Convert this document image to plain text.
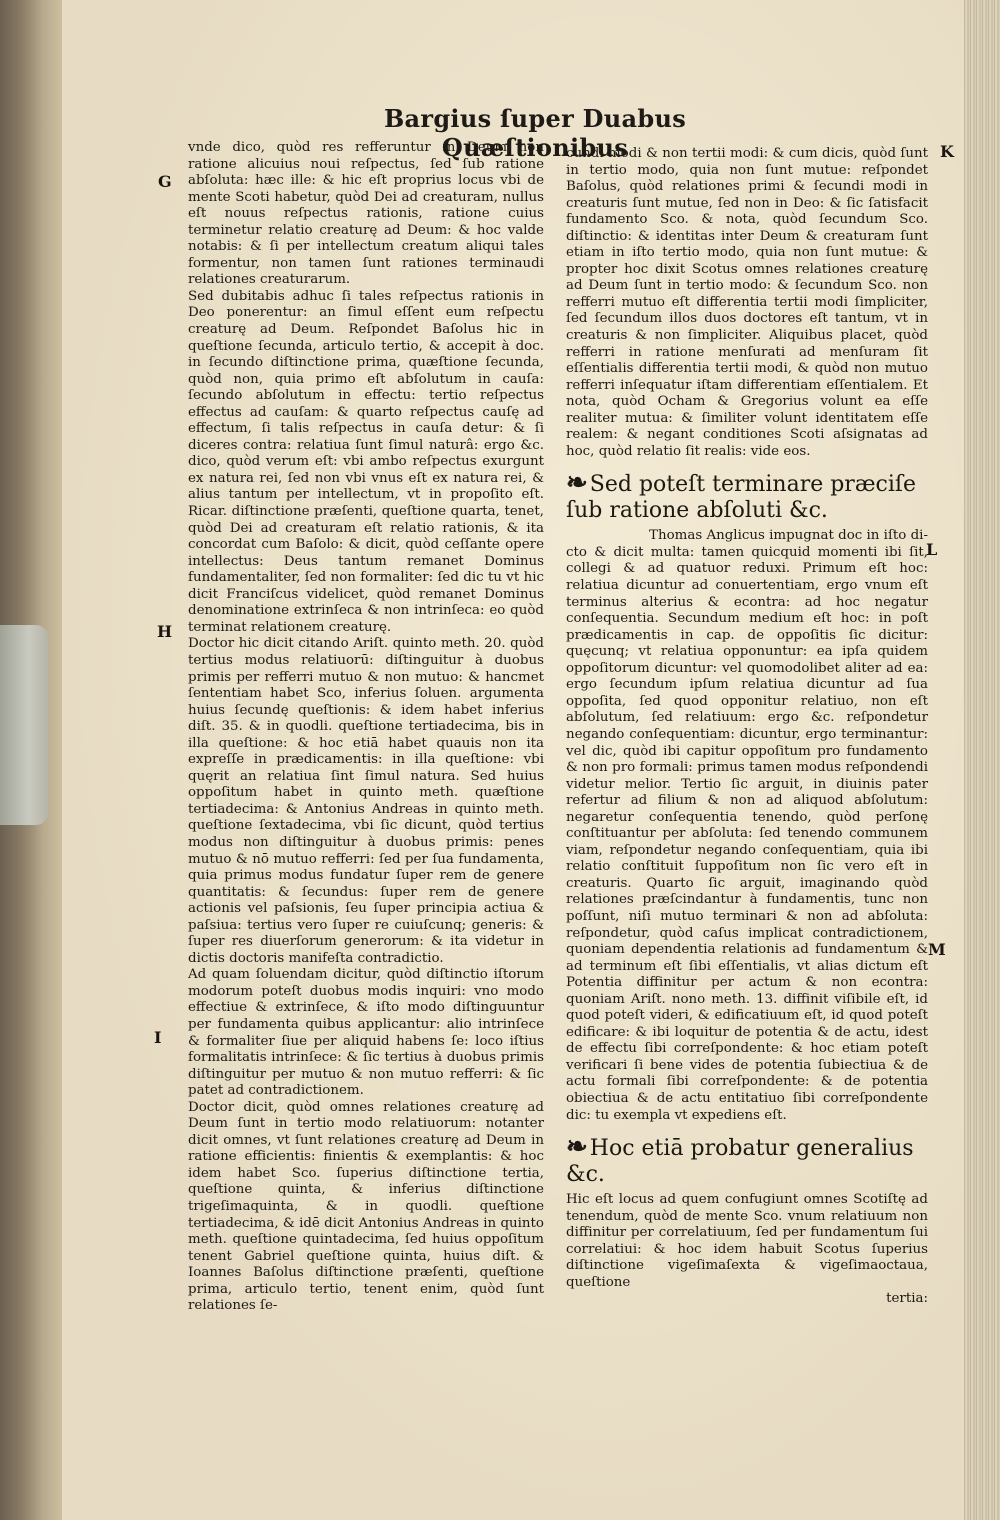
Bargius ſuper Duabus Quæſtionibus
G
H
I
K
L
M

vnde dico, quòd res refferuntur in Deum non ratione alicuius noui reſpectus, ſed ſub ratione abſoluta: hæc ille: & hic eſt proprius locus vbi de mente Scoti habetur, quòd Dei ad creaturam, nullus eſt nouus reſpectus rationis, ratione cuius terminetur relatio creaturę ad Deum: & hoc valde notabis: & ſi per intellectum creatum aliqui tales formentur, non tamen ſunt rationes terminaudi relationes creaturarum.

Sed dubitabis adhuc ſi tales reſpectus rationis in Deo ponerentur: an ſimul eſſent eum reſpectu creaturę ad Deum. Reſpondet Baſolus hic in queſtione ſecunda, articulo tertio, & accepit à doc. in ſecundo diſtinctione prima, quæſtione ſecunda, quòd non, quia primo eſt abſolutum in cauſa: ſecundo abſolutum in effectu: tertio reſpectus effectus ad cauſam: & quarto reſpectus cauſę ad effectum, ſi talis reſpectus in cauſa detur: & ſi diceres contra: relatiua ſunt ſimul naturâ: ergo &c. dico, quòd verum eſt: vbi ambo reſpectus exurgunt ex natura rei, ſed non vbi vnus eſt ex natura rei, & alius tantum per intellectum, vt in propoſito eſt. Ricar. diſtinctione præſenti, queſtione quarta, tenet, quòd Dei ad creaturam eſt relatio rationis, & ita concordat cum Baſolo: & dicit, quòd ceſſante opere intellectus: Deus tantum remanet Dominus fundamentaliter, ſed non formaliter: ſed dic tu vt hic dicit Franciſcus videlicet, quòd remanet Dominus denominatione extrinſeca & non intrinſeca: eo quòd terminat relationem creaturę.

Doctor hic dicit citando Ariſt. quinto meth. 20. quòd tertius modus relatiuorū: diſtinguitur à duobus primis per refferri mutuo & non mutuo: & hancmet ſententiam habet Sco, inferius ſoluen. argumenta huius ſecundę queſtionis: & idem habet inferius diſt. 35. & in quodli. queſtione tertiadecima, bis in illa queſtione: & hoc etiā habet quauis non ita expreſſe in prædicamentis: in illa queſtione: vbi quęrit an relatiua ſint ſimul natura. Sed huius oppoſitum habet in quinto meth. quæſtione tertiadecima: & Antonius Andreas in quinto meth. queſtione ſextadecima, vbi ſic dicunt, quòd tertius modus non diſtinguitur à duobus primis: penes mutuo & nō mutuo refferri: ſed per ſua fundamenta, quia primus modus fundatur ſuper rem de genere quantitatis: & ſecundus: ſuper rem de genere actionis vel paſsionis, ſeu ſuper principia actiua & paſsiua: tertius vero ſuper re cuiuſcunq; generis: & ſuper res diuerſorum generorum: & ita videtur in dictis doctoris manifeſta contradictio.

Ad quam ſoluendam dicitur, quòd diſtinctio iſtorum modorum poteſt duobus modis inquiri: vno modo effectiue & extrinſece, & iſto modo diſtinguuntur per fundamenta quibus applicantur: alio intrinſece & formaliter ſiue per aliquid habens ſe: loco iſtius formalitatis intrinſece: & ſic tertius à duobus primis diſtinguitur per mutuo & non mutuo refferri: & ſic patet ad contradictionem.

Doctor dicit, quòd omnes relationes creaturę ad Deum ſunt in tertio modo relatiuorum: notanter dicit omnes, vt ſunt relationes creaturę ad Deum in ratione efficientis: finientis & exemplantis: & hoc idem habet Sco. ſuperius diſtinctione tertia, queſtione quinta, & inferius diſtinctione trigeſimaquinta, & in quodli. queſtione tertiadecima, & idē dicit Antonius Andreas in quinto meth. queſtione quintadecima, ſed huius oppoſitum tenent Gabriel queſtione quinta, huius diſt. & Ioannes Baſolus diſtinctione præſenti, queſtione prima, articulo tertio, tenent enim, quòd ſunt relationes ſe-

cundi modi & non tertii modi: & cum dicis, quòd ſunt in tertio modo, quia non ſunt mutue: reſpondet Baſolus, quòd relationes primi & ſecundi modi in creaturis ſunt mutue, ſed non in Deo: & ſic ſatisfacit fundamento Sco. & nota, quòd ſecundum Sco. diſtinctio: & identitas inter Deum & creaturam ſunt etiam in iſto tertio modo, quia non ſunt mutue: & propter hoc dixit Scotus omnes relationes creaturę ad Deum ſunt in tertio modo: & ſecundum Sco. non refferri mutuo eſt differentia tertii modi ſimpliciter, ſed ſecundum illos duos doctores eſt tantum, vt in creaturis & non ſimpliciter. Aliquibus placet, quòd refferri in ratione menſurati ad menſuram ſit eſſentialis differentia tertii modi, & quòd non mutuo refferri inſequatur iſtam differentiam eſſentialem. Et nota, quòd Ocham & Gregorius volunt ea eſſe realiter mutua: & ſimiliter volunt identitatem eſſe realem: & negant conditiones Scoti aſsignatas ad hoc, quòd relatio ſit realis: vide eos.

❧Sed poteſt terminare præciſe ſub ratione abſoluti &c.

Thomas Anglicus impugnat doc in iſto di-

cto & dicit multa: tamen quicquid momenti ibi ſit, collegi & ad quatuor reduxi. Primum eſt hoc: relatiua dicuntur ad conuertentiam, ergo vnum eſt terminus alterius & econtra: ad hoc negatur conſequentia. Secundum medium eſt hoc: in poſt prædicamentis in cap. de oppoſitis ſic dicitur: quęcunq; vt relatiua opponuntur: ea ipſa quidem oppoſitorum dicuntur: vel quomodolibet aliter ad ea: ergo ſecundum ipſum relatiua dicuntur ad ſua oppoſita, ſed quod opponitur relatiuo, non eſt abſolutum, ſed relatiuum: ergo &c. reſpondetur negando conſequentiam: dicuntur, ergo terminantur: vel dic, quòd ibi capitur oppoſitum pro fundamento & non pro formali: primus tamen modus reſpondendi videtur melior. Tertio ſic arguit, in diuinis pater refertur ad filium & non ad aliquod abſolutum: negaretur conſequentia tenendo, quòd perſonę conſtituantur per abſoluta: ſed tenendo communem viam, reſpondetur negando conſequentiam, quia ibi relatio conſtituit ſuppoſitum non ſic vero eſt in creaturis. Quarto ſic arguit, imaginando quòd relationes præſcindantur à fundamentis, tunc non poſſunt, niſi mutuo terminari & non ad abſoluta: reſpondetur, quòd caſus implicat contradictionem, quoniam dependentia relationis ad fundamentum & ad terminum eſt ſibi eſſentialis, vt alias dictum eſt Potentia diffinitur per actum & non econtra: quoniam Ariſt. nono meth. 13. diffinit viſibile eſt, id quod poteſt videri, & edificatiuum eſt, id quod poteſt edificare: & ibi loquitur de potentia & de actu, idest de effectu ſibi correſpondente: & hoc etiam poteſt verificari ſi bene vides de potentia ſubiectiua & de actu formali ſibi correſpondente: & de potentia obiectiua & de actu entitatiuo ſibi correſpondente dic: tu exempla vt expediens eſt.

❧Hoc etiā probatur generalius &c.

Hic eſt locus ad quem confugiunt omnes Scotiſtę ad tenendum, quòd de mente Sco. vnum relatiuum non diffinitur per correlatiuum, ſed per fundamentum ſui correlatiui: & hoc idem habuit Scotus ſuperius diſtinctione vigeſimaſexta & vigeſimaoctaua, queſtione

tertia:
